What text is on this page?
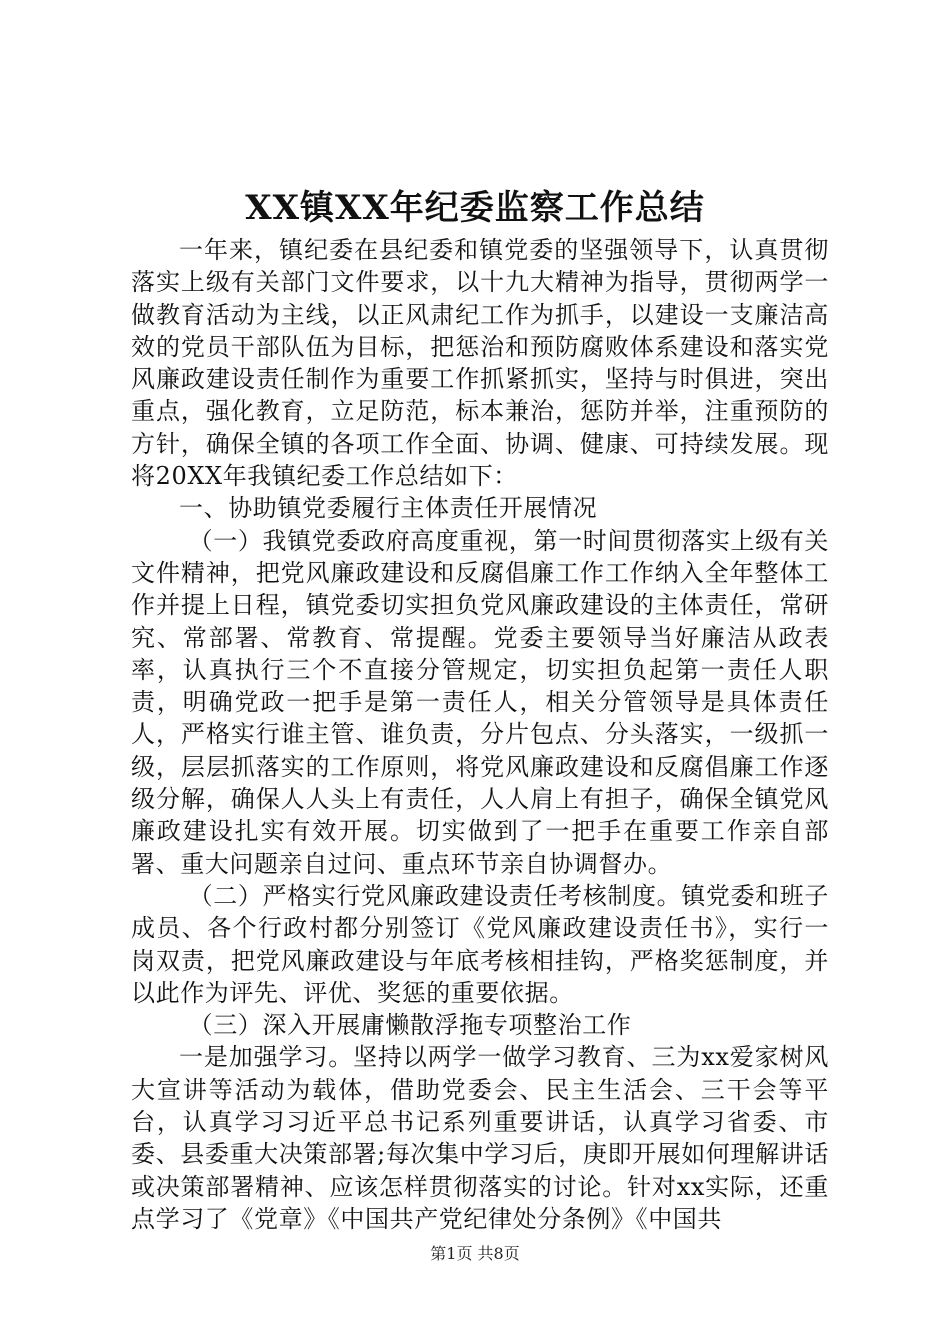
XX镇XX年纪委监察工作总结

一年来，镇纪委在县纪委和镇党委的坚强领导下，认真贯彻落实上级有关部门文件要求，以十九大精神为指导，贯彻两学一做教育活动为主线，以正风肃纪工作为抓手，以建设一支廉洁高效的党员干部队伍为目标，把惩治和预防腐败体系建设和落实党风廉政建设责任制作为重要工作抓紧抓实，坚持与时俱进，突出重点，强化教育，立足防范，标本兼治，惩防并举，注重预防的方针，确保全镇的各项工作全面、协调、健康、可持续发展。现将20XX年我镇纪委工作总结如下：

一、协助镇党委履行主体责任开展情况

（一）我镇党委政府高度重视，第一时间贯彻落实上级有关文件精神，把党风廉政建设和反腐倡廉工作工作纳入全年整体工作并提上日程，镇党委切实担负党风廉政建设的主体责任，常研究、常部署、常教育、常提醒。党委主要领导当好廉洁从政表率，认真执行三个不直接分管规定，切实担负起第一责任人职责，明确党政一把手是第一责任人，相关分管领导是具体责任人，严格实行谁主管、谁负责，分片包点、分头落实，一级抓一级，层层抓落实的工作原则，将党风廉政建设和反腐倡廉工作逐级分解，确保人人头上有责任，人人肩上有担子，确保全镇党风廉政建设扎实有效开展。切实做到了一把手在重要工作亲自部署、重大问题亲自过问、重点环节亲自协调督办。

（二）严格实行党风廉政建设责任考核制度。镇党委和班子成员、各个行政村都分别签订《党风廉政建设责任书》，实行一岗双责，把党风廉政建设与年底考核相挂钩，严格奖惩制度，并以此作为评先、评优、奖惩的重要依据。

（三）深入开展庸懒散浮拖专项整治工作

一是加强学习。坚持以两学一做学习教育、三为xx爱家树风大宣讲等活动为载体，借助党委会、民主生活会、三干会等平台，认真学习习近平总书记系列重要讲话，认真学习省委、市委、县委重大决策部署;每次集中学习后，庚即开展如何理解讲话或决策部署精神、应该怎样贯彻落实的讨论。针对xx实际，还重点学习了《党章》《中国共产党纪律处分条例》《中国共

第1页 共8页
